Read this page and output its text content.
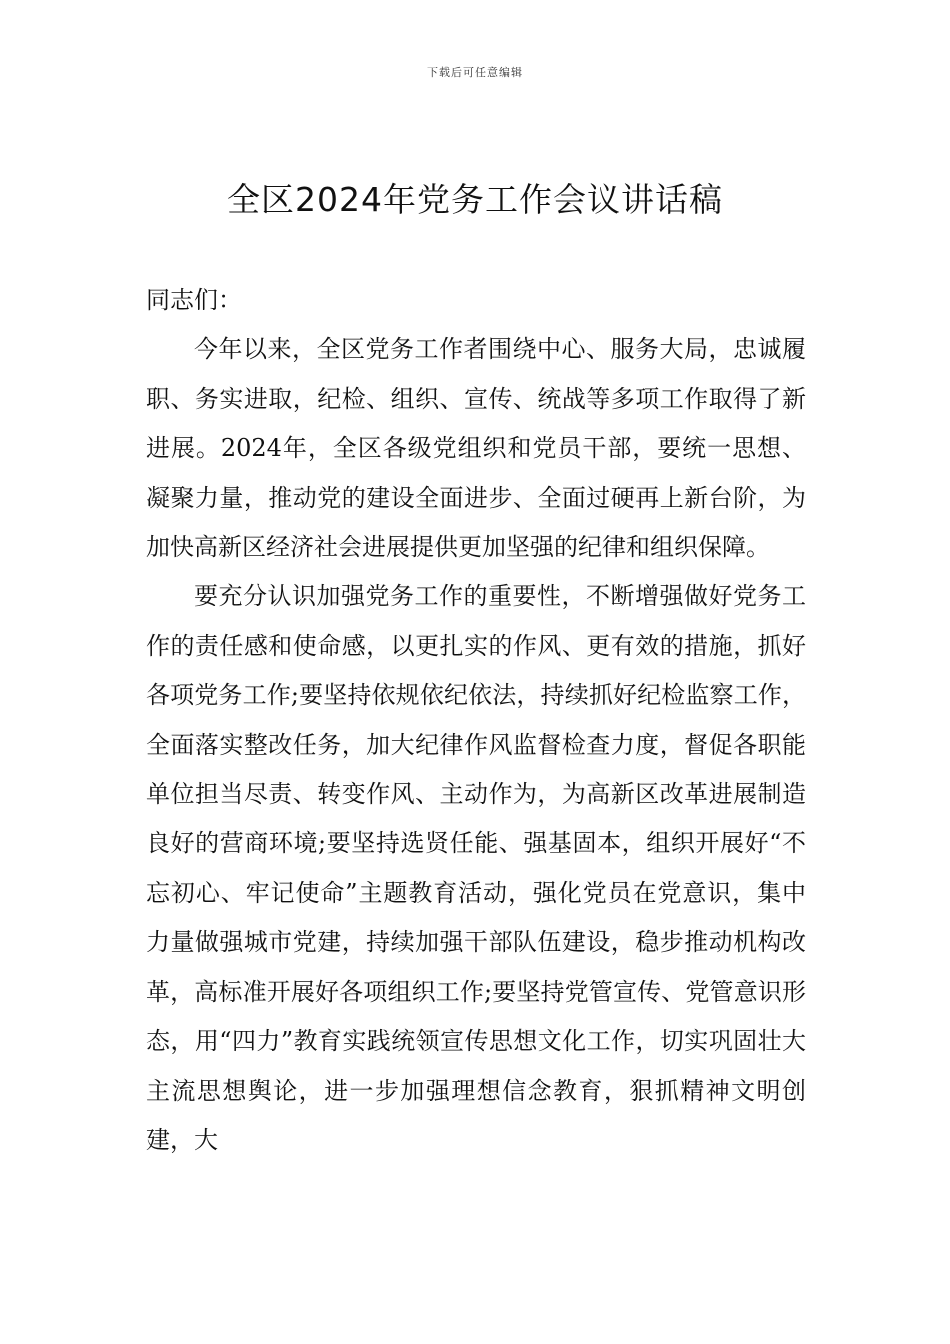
下载后可任意编辑
全区2024年党务工作会议讲话稿

同志们：

今年以来，全区党务工作者围绕中心、服务大局，忠诚履职、务实进取，纪检、组织、宣传、统战等多项工作取得了新进展。2024年，全区各级党组织和党员干部，要统一思想、凝聚力量，推动党的建设全面进步、全面过硬再上新台阶，为加快高新区经济社会进展提供更加坚强的纪律和组织保障。

要充分认识加强党务工作的重要性，不断增强做好党务工作的责任感和使命感，以更扎实的作风、更有效的措施，抓好各项党务工作;要坚持依规依纪依法，持续抓好纪检监察工作，全面落实整改任务，加大纪律作风监督检查力度，督促各职能单位担当尽责、转变作风、主动作为，为高新区改革进展制造良好的营商环境;要坚持选贤任能、强基固本，组织开展好“不忘初心、牢记使命”主题教育活动，强化党员在党意识，集中力量做强城市党建，持续加强干部队伍建设，稳步推动机构改革，高标准开展好各项组织工作;要坚持党管宣传、党管意识形态，用“四力”教育实践统领宣传思想文化工作，切实巩固壮大主流思想舆论，进一步加强理想信念教育，狠抓精神文明创建，大
